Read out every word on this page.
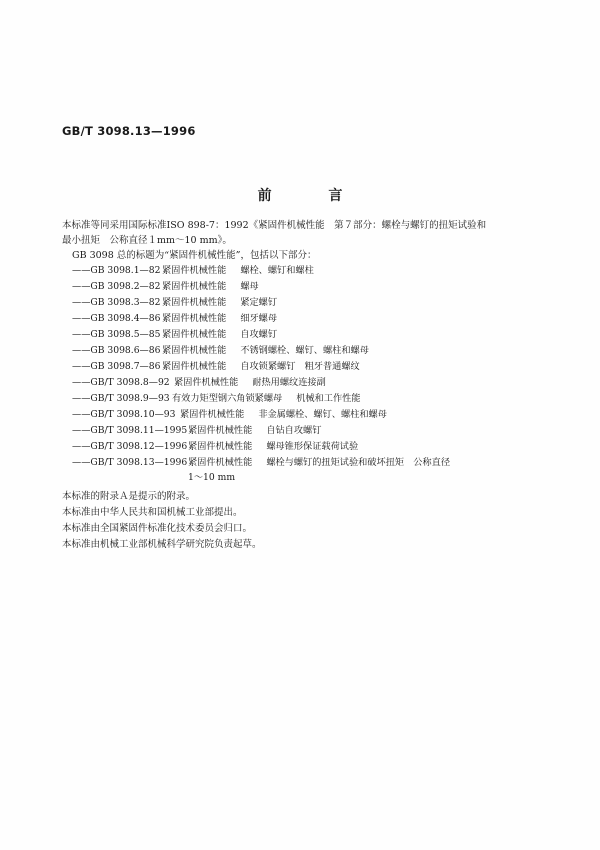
GB/T 3098.13—1996
前 言
本标准等同采用国际标准ISO 898-7：1992《紧固件机械性能　第７部分：螺栓与螺钉的扭矩试验和
最小扭矩　公称直径１mm～10 mm》。
GB 3098 总的标题为“紧固件机械性能”，包括以下部分：
——GB 3098.1—82 紧固件机械性能 螺栓、螺钉和螺柱
——GB 3098.2—82 紧固件机械性能 螺母
——GB 3098.3—82 紧固件机械性能 紧定螺钉
——GB 3098.4—86 紧固件机械性能 细牙螺母
——GB 3098.5—85 紧固件机械性能 自攻螺钉
——GB 3098.6—86 紧固件机械性能 不锈钢螺栓、螺钉、螺柱和螺母
——GB 3098.7—86 紧固件机械性能 自攻锁紧螺钉　粗牙普通螺纹
——GB/T 3098.8—92 紧固件机械性能 耐热用螺纹连接副
——GB/T 3098.9—93 有效力矩型钢六角锁紧螺母 机械和工作性能
——GB/T 3098.10—93 紧固件机械性能 非金属螺栓、螺钉、螺柱和螺母
——GB/T 3098.11—1995紧固件机械性能 自钻自攻螺钉
——GB/T 3098.12—1996紧固件机械性能 螺母锥形保证载荷试验
——GB/T 3098.13—1996紧固件机械性能 螺栓与螺钉的扭矩试验和破坏扭矩　公称直径
1～10 mm
本标准的附录Ａ是提示的附录。
本标准由中华人民共和国机械工业部提出。
本标准由全国紧固件标准化技术委员会归口。
本标准由机械工业部机械科学研究院负责起草。
